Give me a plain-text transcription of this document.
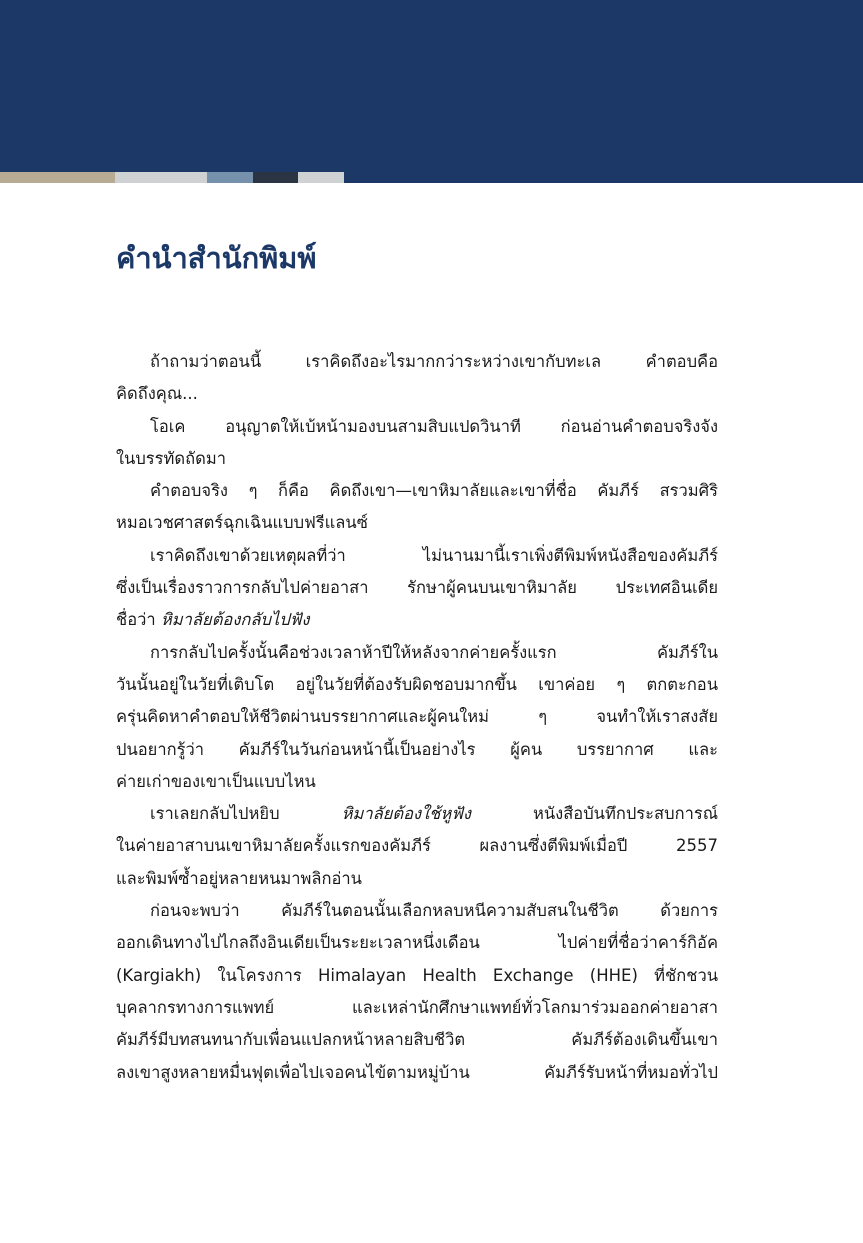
คำนำสำนักพิมพ์
ถ้าถามว่าตอนนี้ เราคิดถึงอะไรมากกว่าระหว่างเขากับทะเล คำตอบคือ
คิดถึงคุณ...
โอเค อนุญาตให้เบ้หน้ามองบนสามสิบแปดวินาที ก่อนอ่านคำตอบจริงจัง
ในบรรทัดถัดมา
คำตอบจริง ๆ ก็คือ คิดถึงเขา—เขาหิมาลัยและเขาที่ชื่อ คัมภีร์ สรวมศิริ
หมอเวชศาสตร์ฉุกเฉินแบบฟรีแลนซ์
เราคิดถึงเขาด้วยเหตุผลที่ว่า ไม่นานมานี้เราเพิ่งตีพิมพ์หนังสือของคัมภีร์
ซึ่งเป็นเรื่องราวการกลับไปค่ายอาสา รักษาผู้คนบนเขาหิมาลัย ประเทศอินเดีย
ชื่อว่า หิมาลัยต้องกลับไปฟัง
การกลับไปครั้งนั้นคือช่วงเวลาห้าปีให้หลังจากค่ายครั้งแรก คัมภีร์ใน
วันนั้นอยู่ในวัยที่เติบโต อยู่ในวัยที่ต้องรับผิดชอบมากขึ้น เขาค่อย ๆ ตกตะกอน
ครุ่นคิดหาคำตอบให้ชีวิตผ่านบรรยากาศและผู้คนใหม่ ๆ จนทำให้เราสงสัย
ปนอยากรู้ว่า คัมภีร์ในวันก่อนหน้านี้เป็นอย่างไร ผู้คน บรรยากาศ และ
ค่ายเก่าของเขาเป็นแบบไหน
เราเลยกลับไปหยิบ หิมาลัยต้องใช้หูฟัง หนังสือบันทึกประสบการณ์
ในค่ายอาสาบนเขาหิมาลัยครั้งแรกของคัมภีร์ ผลงานซึ่งตีพิมพ์เมื่อปี 2557
และพิมพ์ซ้ำอยู่หลายหนมาพลิกอ่าน
ก่อนจะพบว่า คัมภีร์ในตอนนั้นเลือกหลบหนีความสับสนในชีวิต ด้วยการ
ออกเดินทางไปไกลถึงอินเดียเป็นระยะเวลาหนึ่งเดือน ไปค่ายที่ชื่อว่าคาร์กิอัค
(Kargiakh) ในโครงการ Himalayan Health Exchange (HHE) ที่ชักชวน
บุคลากรทางการแพทย์ และเหล่านักศึกษาแพทย์ทั่วโลกมาร่วมออกค่ายอาสา
คัมภีร์มีบทสนทนากับเพื่อนแปลกหน้าหลายสิบชีวิต คัมภีร์ต้องเดินขึ้นเขา
ลงเขาสูงหลายหมื่นฟุตเพื่อไปเจอคนไข้ตามหมู่บ้าน คัมภีร์รับหน้าที่หมอทั่วไป
